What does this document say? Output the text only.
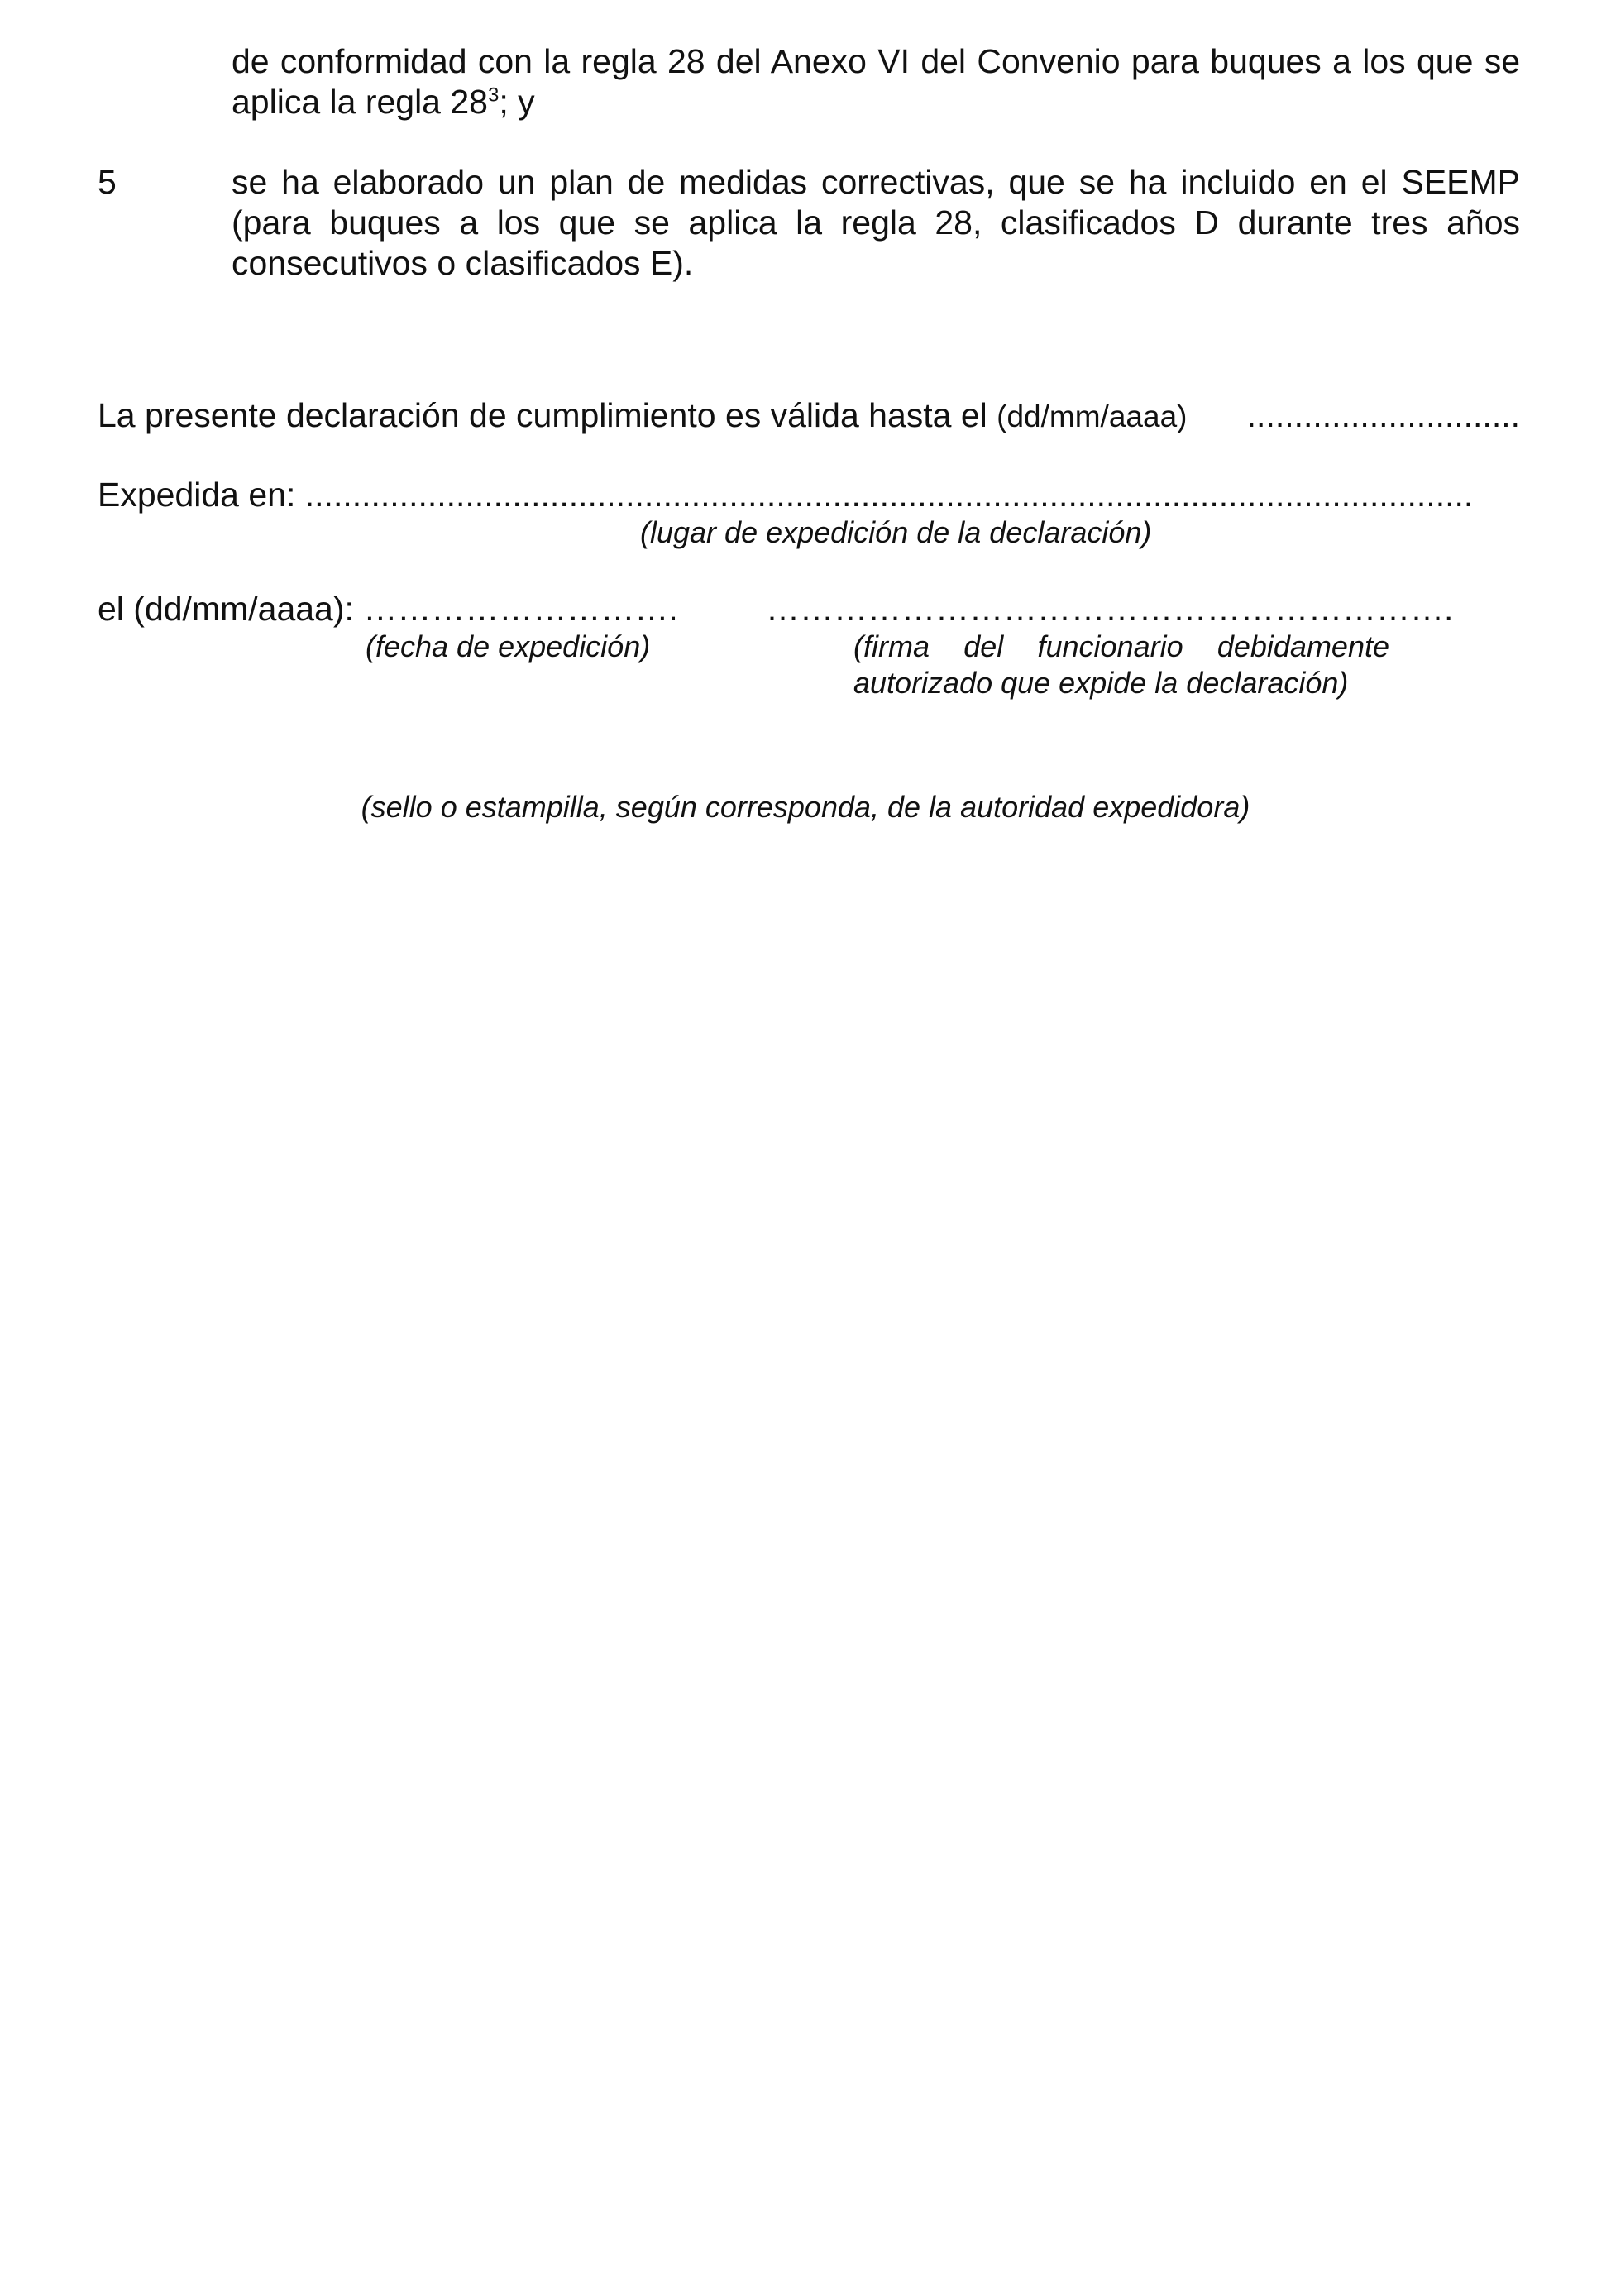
de conformidad con la regla 28 del Anexo VI del Convenio para buques a los que se aplica la regla $28^3$; y

5	se ha elaborado un plan de medidas correctivas, que se ha incluido en el SEEMP (para buques a los que se aplica la regla 28, clasificados D durante tres años consecutivos o clasificados E).

La presente declaración de cumplimiento es válida hasta el (dd/mm/aaaa) .............................
Expedida en: ............................................................................................................................
(lugar de expedición de la declaración)
el (dd/mm/aaaa): ……………………….	…………………………………………………….
(fecha de expedición)	(firma del funcionario debidamente autorizado que expide la declaración)
(sello o estampilla, según corresponda, de la autoridad expedidora)
